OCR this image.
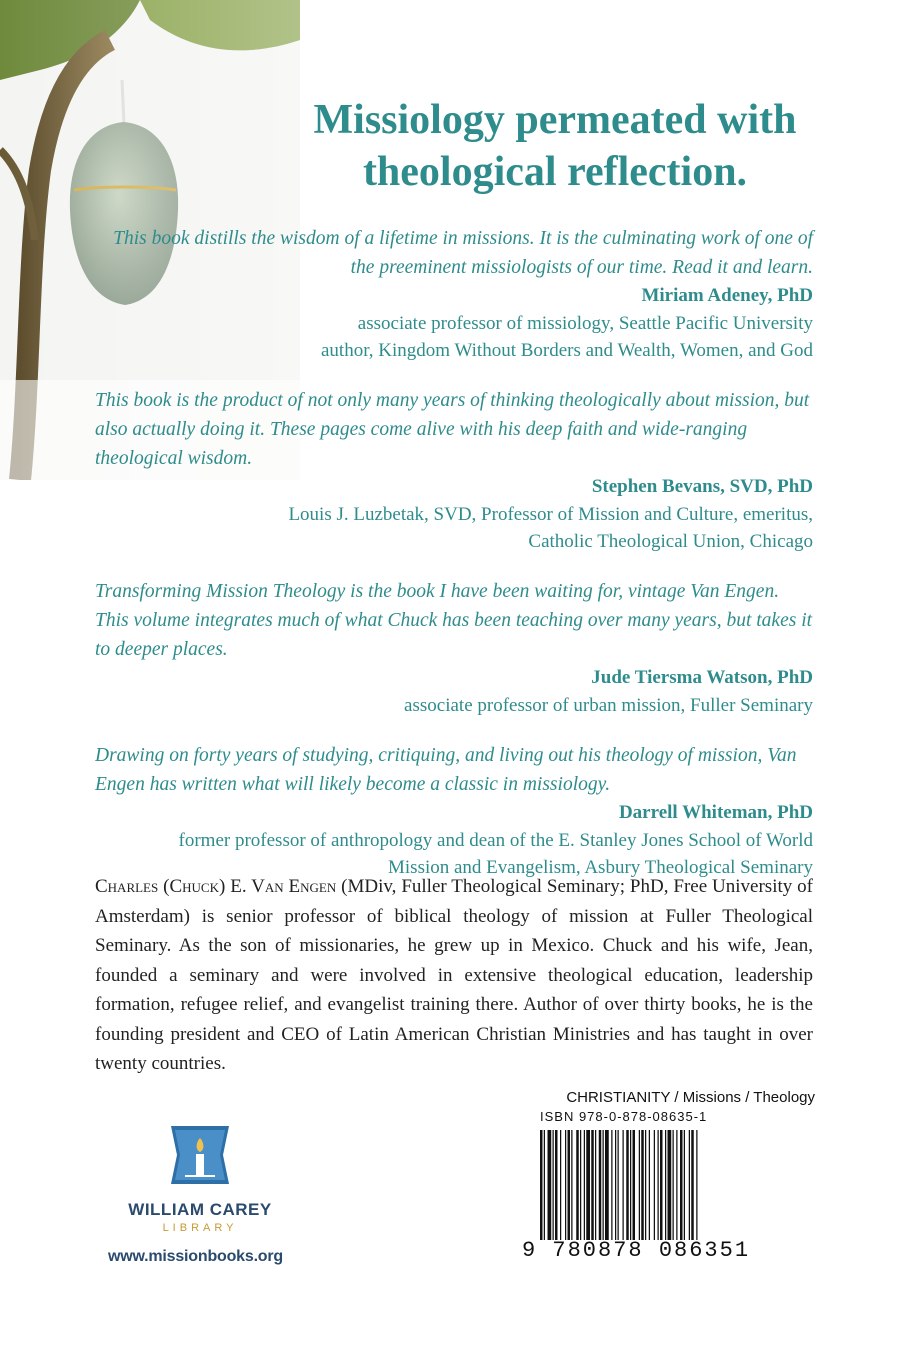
Missiology permeated with
theological reflection.

This book distills the wisdom of a lifetime in missions. It is the culminating work of one of the preeminent missiologists of our time. Read it and learn.

Miriam Adeney, PhD

associate professor of missiology, Seattle Pacific University

author, Kingdom Without Borders and Wealth, Women, and God

This book is the product of not only many years of thinking theologically about mission, but also actually doing it. These pages come alive with his deep faith and wide-ranging theological wisdom.

Stephen Bevans, SVD, PhD

Louis J. Luzbetak, SVD, Professor of Mission and Culture, emeritus,

Catholic Theological Union, Chicago

Transforming Mission Theology is the book I have been waiting for, vintage Van Engen. This volume integrates much of what Chuck has been teaching over many years, but takes it to deeper places.

Jude Tiersma Watson, PhD

associate professor of urban mission, Fuller Seminary

Drawing on forty years of studying, critiquing, and living out his theology of mission, Van Engen has written what will likely become a classic in missiology.

Darrell Whiteman, PhD

former professor of anthropology and dean of the E. Stanley Jones School of World

Mission and Evangelism, Asbury Theological Seminary

Charles (Chuck) E. Van Engen (MDiv, Fuller Theological Seminary; PhD, Free University of Amsterdam) is senior professor of biblical theology of mission at Fuller Theological Seminary. As the son of missionaries, he grew up in Mexico. Chuck and his wife, Jean, founded a seminary and were involved in extensive theological education, leadership formation, refugee relief, and evangelist training there. Author of over thirty books, he is the founding president and CEO of Latin American Christian Ministries and has taught in over twenty countries.

WILLIAM CAREY
LIBRARY
www.missionbooks.org
CHRISTIANITY / Missions / Theology
ISBN 978-0-878-08635-1
9 780878 086351
